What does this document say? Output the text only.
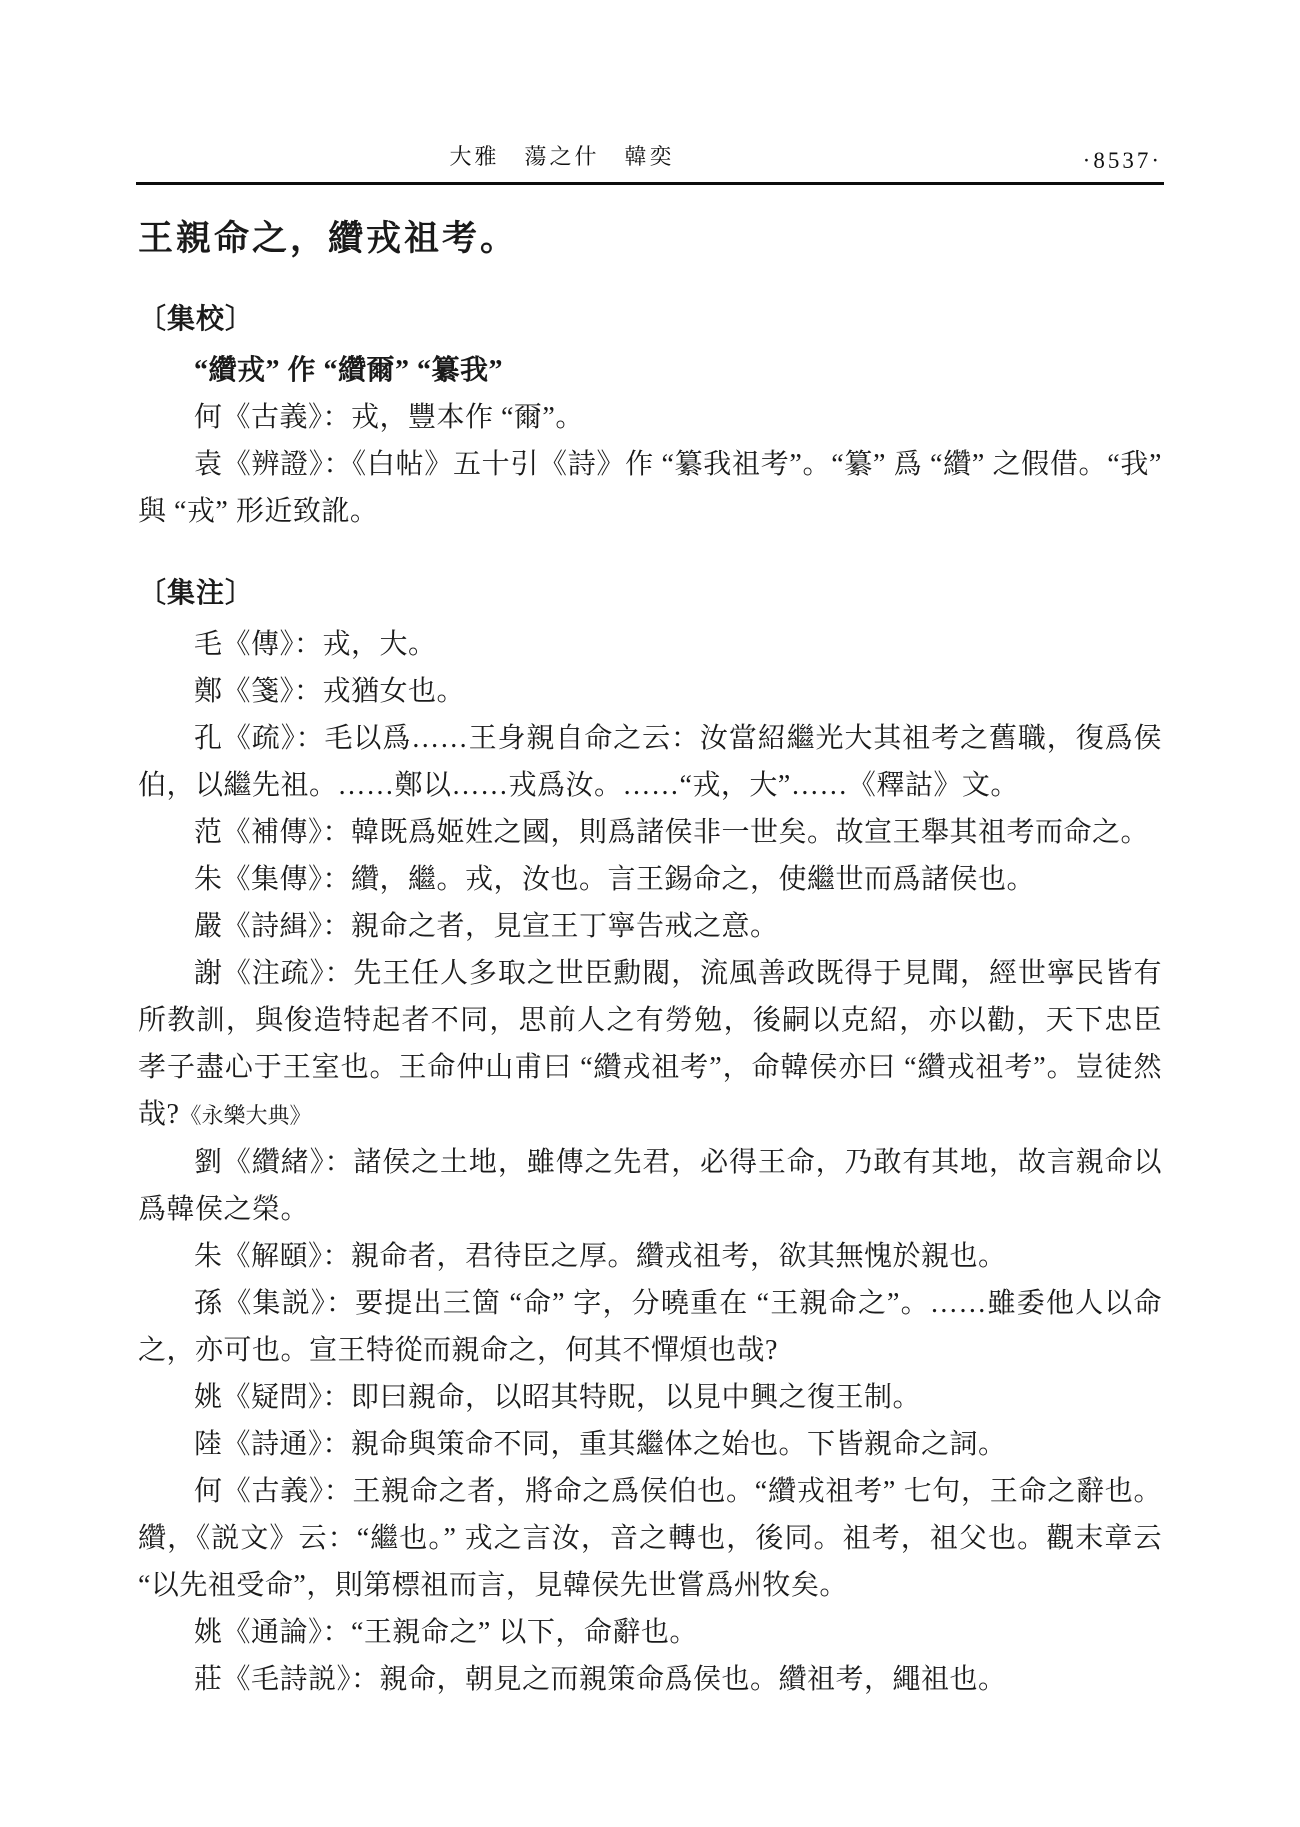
大雅　蕩之什　韓奕	·8537·
王親命之，纘戎祖考。
〔集校〕

“纘戎” 作 “纘爾” “纂我”

何《古義》：戎，豐本作 “爾”。

袁《辨證》：《白帖》五十引《詩》作 “纂我祖考”。“纂” 爲 “纘” 之假借。“我” 與 “戎” 形近致訛。

〔集注〕

毛《傳》：戎，大。

鄭《箋》：戎猶女也。

孔《疏》：毛以爲……王身親自命之云：汝當紹繼光大其祖考之舊職，復爲侯伯，以繼先祖。……鄭以……戎爲汝。……“戎，大”……《釋詁》文。

范《補傳》：韓既爲姬姓之國，則爲諸侯非一世矣。故宣王舉其祖考而命之。

朱《集傳》：纘，繼。戎，汝也。言王錫命之，使繼世而爲諸侯也。

嚴《詩緝》：親命之者，見宣王丁寧告戒之意。

謝《注疏》：先王任人多取之世臣勳閥，流風善政既得于見聞，經世寧民皆有所教訓，與俊造特起者不同，思前人之有勞勉，後嗣以克紹，亦以勸，天下忠臣孝子盡心于王室也。王命仲山甫曰 “纘戎祖考”，命韓侯亦曰 “纘戎祖考”。豈徒然哉?《永樂大典》

劉《纘緒》：諸侯之土地，雖傳之先君，必得王命，乃敢有其地，故言親命以爲韓侯之榮。

朱《解頤》：親命者，君待臣之厚。纘戎祖考，欲其無愧於親也。

孫《集説》：要提出三箇 “命” 字，分曉重在 “王親命之”。……雖委他人以命之，亦可也。宣王特從而親命之，何其不憚煩也哉?

姚《疑問》：即曰親命，以昭其特貺，以見中興之復王制。

陸《詩通》：親命與策命不同，重其繼体之始也。下皆親命之詞。

何《古義》：王親命之者，將命之爲侯伯也。“纘戎祖考” 七句，王命之辭也。纘，《説文》云：“繼也。” 戎之言汝，音之轉也，後同。祖考，祖父也。觀末章云 “以先祖受命”，則第標祖而言，見韓侯先世嘗爲州牧矣。

姚《通論》：“王親命之” 以下，命辭也。

莊《毛詩説》：親命，朝見之而親策命爲侯也。纘祖考，繩祖也。
